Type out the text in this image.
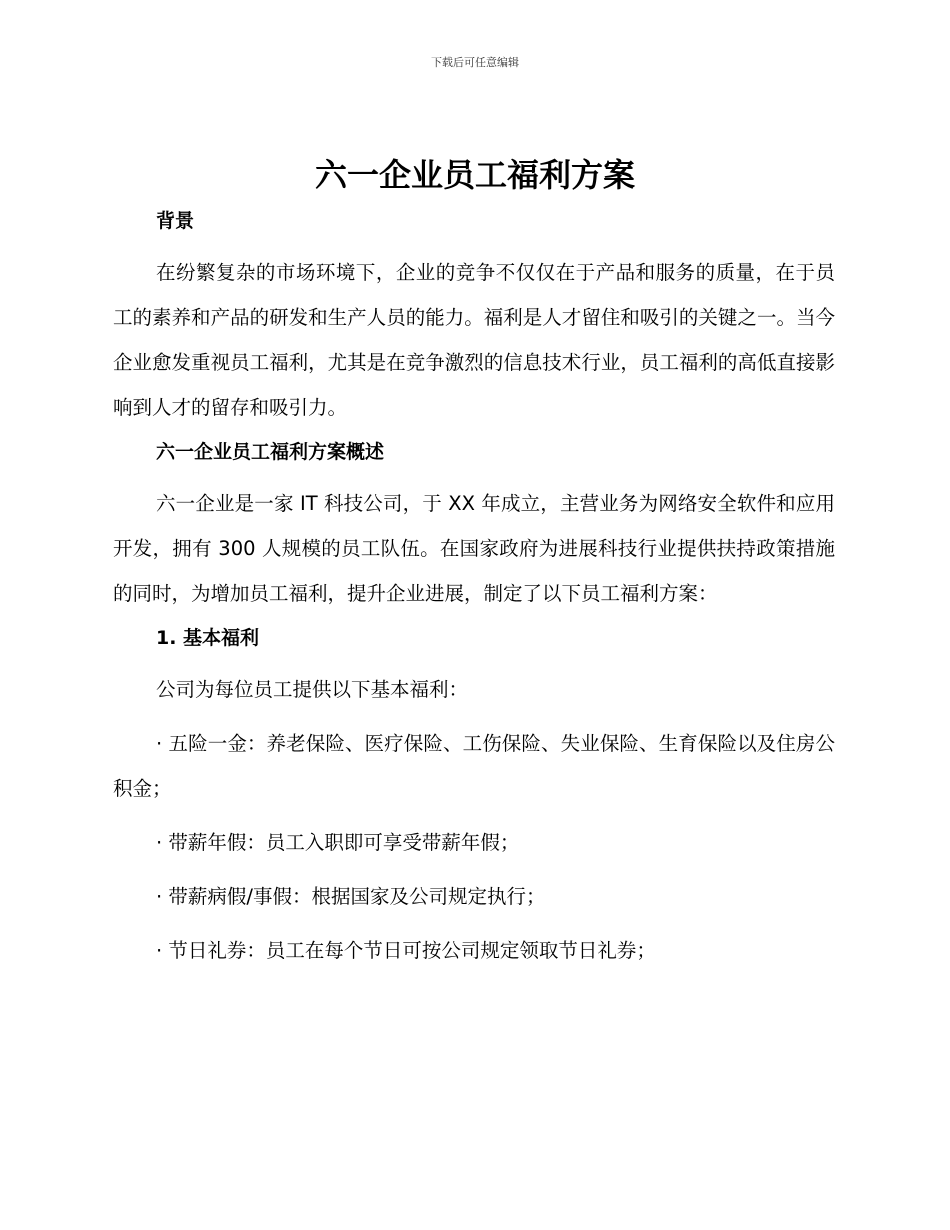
下载后可任意编辑
六一企业员工福利方案

背景

在纷繁复杂的市场环境下，企业的竞争不仅仅在于产品和服务的质量，在于员工的素养和产品的研发和生产人员的能力。福利是人才留住和吸引的关键之一。当今企业愈发重视员工福利，尤其是在竞争激烈的信息技术行业，员工福利的高低直接影响到人才的留存和吸引力。

六一企业员工福利方案概述

六一企业是一家 IT 科技公司，于 XX 年成立，主营业务为网络安全软件和应用开发，拥有 300 人规模的员工队伍。在国家政府为进展科技行业提供扶持政策措施的同时，为增加员工福利，提升企业进展，制定了以下员工福利方案：

1. 基本福利

公司为每位员工提供以下基本福利：

· 五险一金：养老保险、医疗保险、工伤保险、失业保险、生育保险以及住房公积金；

· 带薪年假：员工入职即可享受带薪年假；

· 带薪病假/事假：根据国家及公司规定执行；

· 节日礼券：员工在每个节日可按公司规定领取节日礼券；
